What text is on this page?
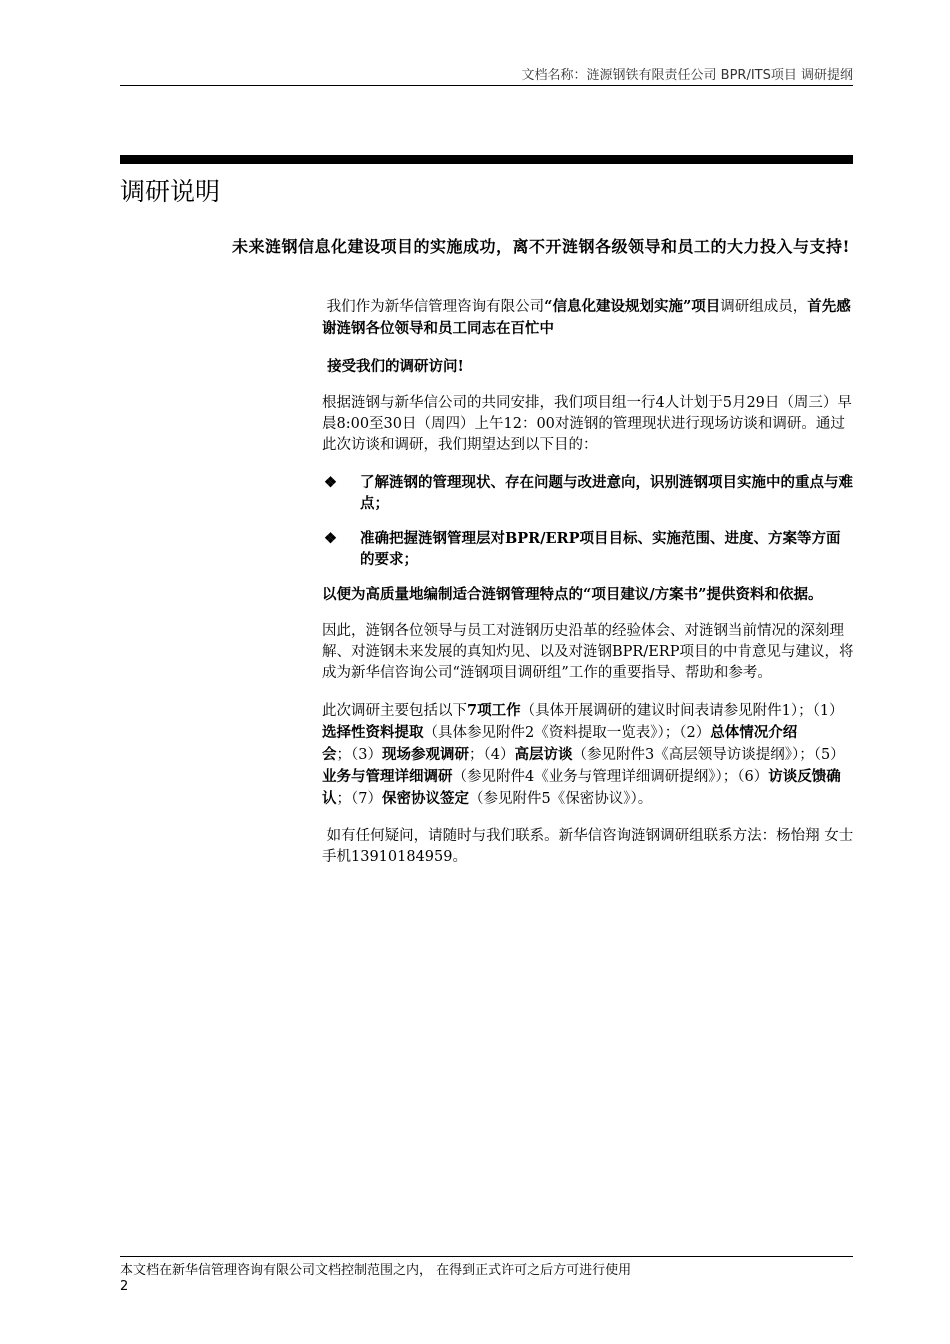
文档名称：涟源钢铁有限责任公司 BPR/ITS项目 调研提纲
调研说明

未来涟钢信息化建设项目的实施成功，离不开涟钢各级领导和员工的大力投入与支持!

我们作为新华信管理咨询有限公司“信息化建设规划实施”项目调研组成员，首先感谢涟钢各位领导和员工同志在百忙中

接受我们的调研访问!

根据涟钢与新华信公司的共同安排，我们项目组一行4人计划于5月29日（周三）早晨8:00至30日（周四）上午12：00对涟钢的管理现状进行现场访谈和调研。通过此次访谈和调研，我们期望达到以下目的：

❖	了解涟钢的管理现状、存在问题与改进意向，识别涟钢项目实施中的重点与难点；
❖	准确把握涟钢管理层对BPR/ERP项目目标、实施范围、进度、方案等方面的要求；

以便为高质量地编制适合涟钢管理特点的“项目建议/方案书”提供资料和依据。

因此，涟钢各位领导与员工对涟钢历史沿革的经验体会、对涟钢当前情况的深刻理解、对涟钢未来发展的真知灼见、以及对涟钢BPR/ERP项目的中肯意见与建议，将成为新华信咨询公司“涟钢项目调研组”工作的重要指导、帮助和参考。

此次调研主要包括以下7项工作（具体开展调研的建议时间表请参见附件1）；（1）选择性资料提取（具体参见附件2《资料提取一览表》）；（2）总体情况介绍会；（3）现场参观调研；（4）高层访谈（参见附件3《高层领导访谈提纲》）；（5）业务与管理详细调研（参见附件4《业务与管理详细调研提纲》）；（6）访谈反馈确认；（7）保密协议签定（参见附件5《保密协议》）。

如有任何疑问，请随时与我们联系。新华信咨询涟钢调研组联系方法：杨怡翔 女士 手机13910184959。

本文档在新华信管理咨询有限公司文档控制范围之内， 在得到正式许可之后方可进行使用
2
